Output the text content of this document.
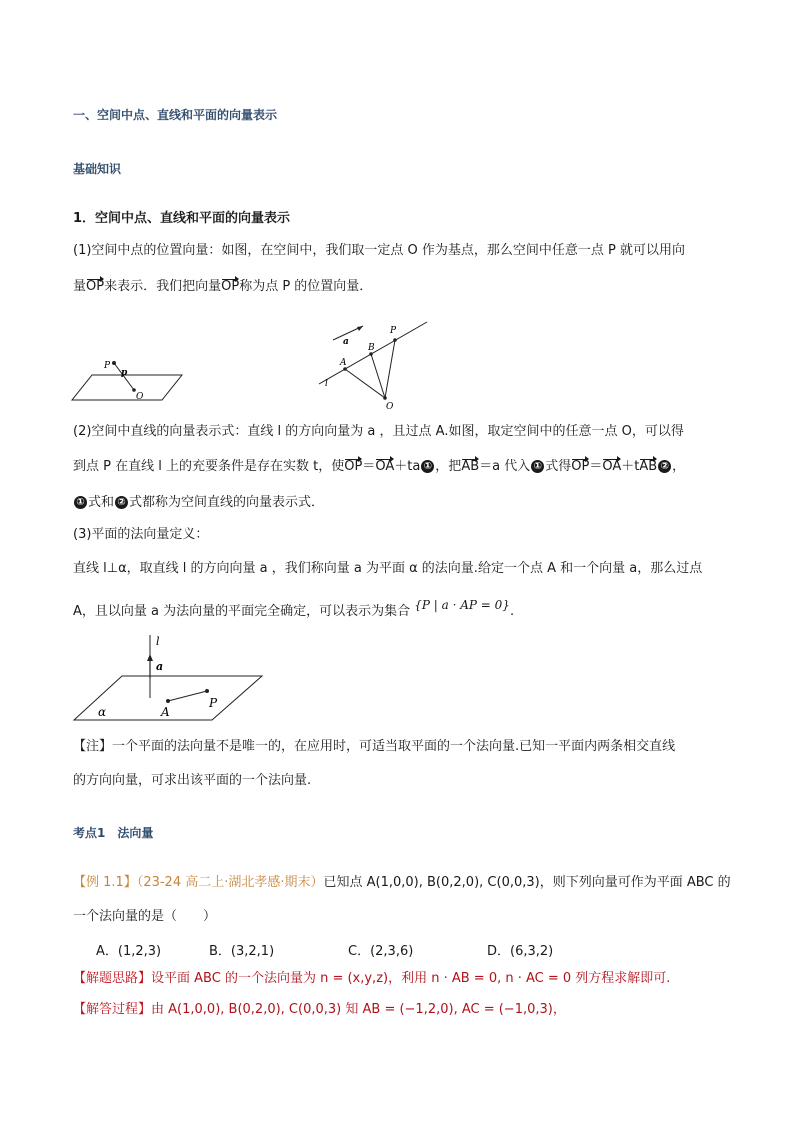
一、空间中点、直线和平面的向量表示
基础知识
1．空间中点、直线和平面的向量表示
(1)空间中点的位置向量：如图，在空间中，我们取一定点 O 作为基点，那么空间中任意一点 P 就可以用向
量OP来表示．我们把向量OP称为点 P 的位置向量．
P
p
O
a
l
A
B
P
O
(2)空间中直线的向量表示式：直线 l 的方向向量为 a ，且过点 A.如图，取定空间中的任意一点 O，可以得
到点 P 在直线 l 上的充要条件是存在实数 t，使OP＝OA＋ta ① ，把AB＝a 代入 ① 式得OP＝OA＋tAB ② ，
① 式和 ② 式都称为空间直线的向量表示式．
(3)平面的法向量定义：
直线 l⊥α，取直线 l 的方向向量 a ，我们称向量 a 为平面 α 的法向量.给定一个点 A 和一个向量 a，那么过点
A，且以向量 a 为法向量的平面完全确定，可以表示为集合 {P | a · AP = 0}.
l
a
A
P
α
【注】一个平面的法向量不是唯一的，在应用时，可适当取平面的一个法向量.已知一平面内两条相交直线
的方向向量，可求出该平面的一个法向量.
考点1　法向量
【例 1.1】（23-24 高二上·湖北孝感·期末）已知点 A(1,0,0), B(0,2,0), C(0,0,3)，则下列向量可作为平面 ABC 的
一个法向量的是（　　）
A．(1,2,3)	B．(3,2,1)	C．(2,3,6)	D．(6,3,2)
【解题思路】设平面 ABC 的一个法向量为 n = (x,y,z)，利用 n · AB = 0, n · AC = 0 列方程求解即可.
【解答过程】由 A(1,0,0), B(0,2,0), C(0,0,3) 知 AB = (−1,2,0), AC = (−1,0,3)，
